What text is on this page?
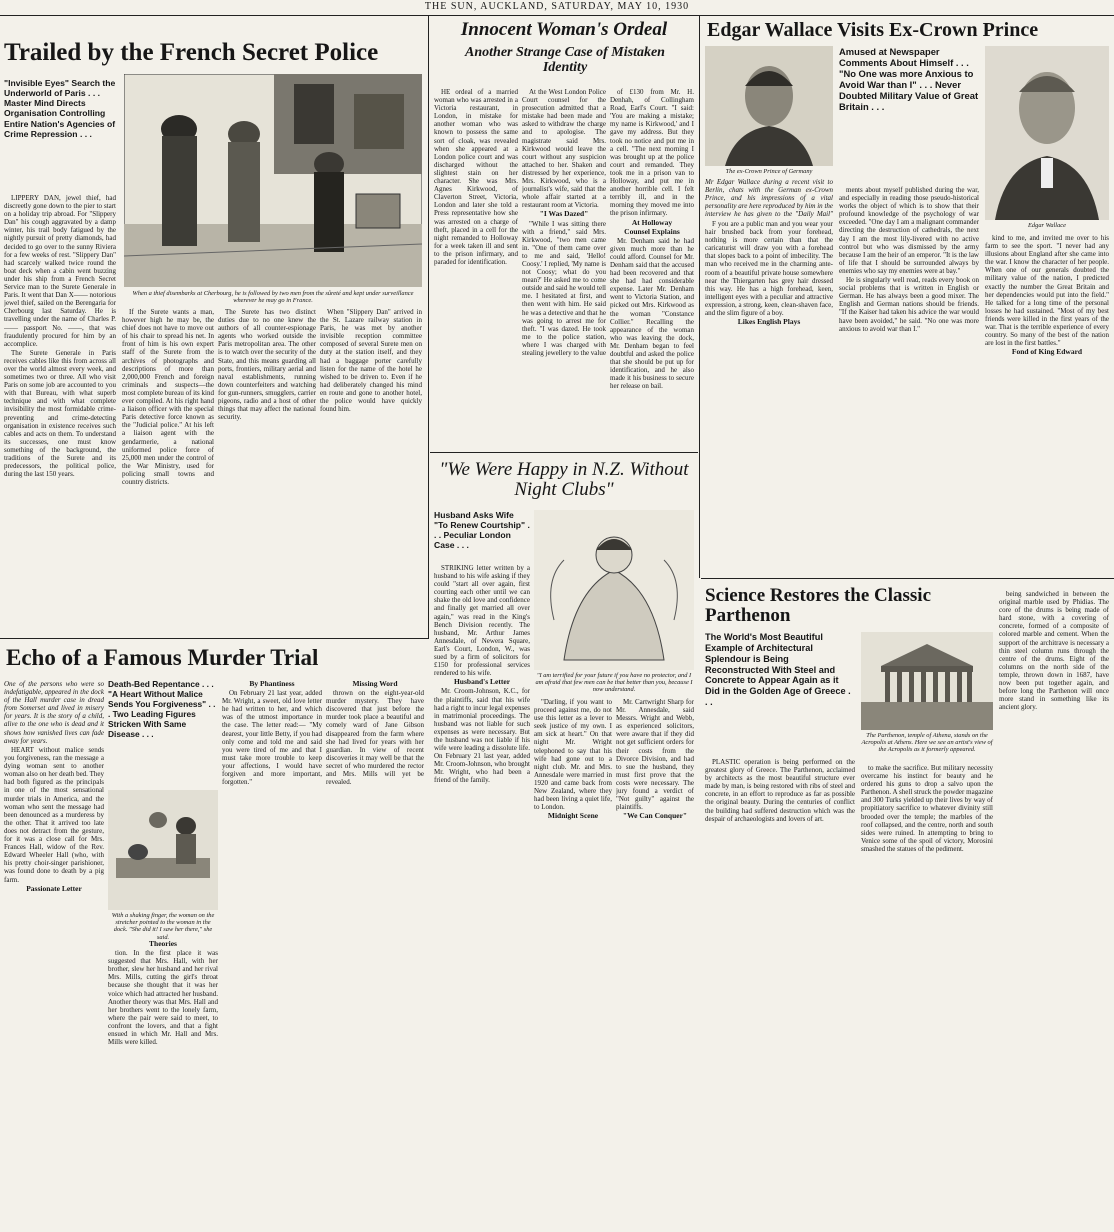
THE SUN, AUCKLAND, SATURDAY, MAY 10, 1930
Trailed by the French Secret Police
"Invisible Eyes" Search the Underworld of Paris . . . Master Mind Directs Organisation Controlling Entire Nation's Agencies of Crime Repression . . .
When a thief disembarks at Cherbourg, he is followed by two men from the sûreté and kept under surveillance wherever he may go in France.

LIPPERY DAN, jewel thief, had discreetly gone down to the pier to start on a holiday trip abroad. For "Slippery Dan" his cough aggravated by a damp winter, his trail body fatigued by the nightly pursuit of pretty diamonds, had decided to go over to the sunny Riviera for a few weeks of rest. "Slippery Dan" had scarcely walked twice round the boat deck when a cabin went buzzing under his ship from a French Secret Service man to the Surete Generale in Paris. It went that Dan X—— notorious jewel thief, sailed on the Berengaria for Cherbourg last Saturday. He is travelling under the name of Charles P. —— passport No. ——, that was fraudulently procured for him by an accomplice.

The Surete Generale in Paris receives cables like this from across all over the world almost every week, and sometimes two or three. All who visit Paris on some job are accounted to you with that Bureau, with what superb technique and with what complete invisibility the most formidable crime-preventing and crime-detecting organisation in existence receives such cables and acts on them. To understand its successes, one must know something of the background, the traditions of the Surete and its predecessors, the political police, during the last 150 years.

If the Surete wants a man, however high he may be, the chief does not have to move out of his chair to spread his net. In front of him is his own expert staff of the Surete from the archives of photographs and descriptions of more than 2,000,000 French and foreign criminals and suspects—the most complete bureau of its kind ever compiled. At his right hand a liaison officer with the special Paris detective force known as the "Judicial police." At his left a liaison agent with the gendarmerie, a national uniformed police force of 25,000 men under the control of the War Ministry, used for policing small towns and country districts.

The Surete has two distinct duties due to no one knew the authors of all counter-espionage agents who worked outside the Paris metropolitan area. The other is to watch over the security of the State, and this means guarding all ports, frontiers, military aerial and naval establishments, running down counterfeiters and watching for gun-runners, smugglers, carrier pigeons, radio and a host of other things that may affect the national security.

When "Slippery Dan" arrived in the St. Lazare railway station in Paris, he was met by another invisible reception committee composed of several Surete men on duty at the station itself, and they had a baggage porter carefully listen for the name of the hotel he wished to be driven to. Even if he had deliberately changed his mind en route and gone to another hotel, the police would have quickly found him.

Innocent Woman's Ordeal
Another Strange Case of Mistaken Identity

HE ordeal of a married woman who was arrested in a Victoria restaurant, in London, in mistake for another woman who was known to possess the same sort of cloak, was revealed when she appeared at a London police court and was discharged without the slightest stain on her character. She was Mrs. Agnes Kirkwood, of Claverton Street, Victoria, London and later she told a Press representative how she was arrested on a charge of theft, placed in a cell for the night remanded to Holloway for a week taken ill and sent to the prison infirmary, and paraded for identification.

At the West London Police Court counsel for the prosecution admitted that a mistake had been made and asked to withdraw the charge and to apologise. The magistrate said Mrs. Kirkwood would leave the court without any suspicion attached to her. Shaken and distressed by her experience, Mrs. Kirkwood, who is a journalist's wife, said that the whole affair started at a restaurant room at Victoria.

"I Was Dazed"

"While I was sitting there with a friend," said Mrs. Kirkwood, "two men came in. "One of them came over to me and said, 'Hello! Coosy.' I replied, 'My name is not Coosy; what do you mean?' He asked me to come outside and said he would tell me. I hesitated at first, and then went with him. He said he was a detective and that he was going to arrest me for theft. "I was dazed. He took me to the police station, where I was charged with stealing jewellery to the value

of £130 from Mr. H. Denhah, of Collingham Road, Earl's Court. "I said: 'You are making a mistake; my name is Kirkwood,' and I gave my address. But they took no notice and put me in a cell. "The next morning I was brought up at the police court and remanded. They took me in a prison van to Holloway, and put me in another horrible cell. I felt terribly ill, and in the morning they moved me into the prison infirmary.

At Holloway

Counsel Explains

Mr. Denham said he had given much more than he could afford. Counsel for Mr. Denham said that the accused had been recovered and that she had had considerable expense. Later Mr. Denham went to Victoria Station, and picked out Mrs. Kirkwood as the woman "Constance Collier." Recalling the appearance of the woman who was leaving the dock, Mr. Denham began to feel doubtful and asked the police that she should be put up for identification, and he also made it his business to secure her release on bail.

"We Were Happy in N.Z. Without Night Clubs"
Husband Asks Wife "To Renew Courtship" . . . Peculiar London Case . . .
"I am terrified for your future if you have no protector, and I am afraid that few men can be that better than you, because I now understand.

STRIKING letter written by a husband to his wife asking if they could "start all over again, first courting each other until we can shake the old love and confidence and finally get married all over again," was read in the King's Bench Division recently. The husband, Mr. Arthur James Annesdale, of Newera Square, Earl's Court, London, W., was sued by a firm of solicitors for £150 for professional services rendered to his wife.

Husband's Letter

Mr. Croom-Johnson, K.C., for the plaintiffs, said that his wife had a right to incur legal expenses in matrimonial proceedings. The husband was not liable for such expenses as were necessary. But the husband was not liable if his wife were leading a dissolute life. On February 21 last year, added Mr. Croom-Johnson, who brought Mr. Wright, who had been a friend of the family.

"Darling, if you want to proceed against me, do not use this letter as a lever to seek justice of my own. I am sick at heart." On that night Mr. Wright telephoned to say that his wife had gone out to a night club. Mr. and Mrs. Annesdale were married in 1920 and came back from New Zealand, where they had been living a quiet life, to London.

Midnight Scene

Mr. Cartwright Sharp for Mr. Annesdale, said Messrs. Wright and Webb, as experienced solicitors, were aware that if they did not get sufficient orders for their costs from the Divorce Division, and had to sue the husband, they must first prove that the costs were necessary. The jury found a verdict of "Not guilty" against the plaintiffs.

"We Can Conquer"

Edgar Wallace Visits Ex-Crown Prince
The ex-Crown Prince of Germany
Amused at Newspaper Comments About Himself . . . "No One was more Anxious to Avoid War than I" . . . Never Doubted Military Value of Great Britain . . .
Edgar Wallace
Mr Edgar Wallace during a recent visit to Berlin, chats with the German ex-Crown Prince, and his impressions of a vital personality are here reproduced by him in the interview he has given to the "Daily Mail"

F you are a public man and you wear your hair brushed back from your forehead, nothing is more certain than that the caricaturist will draw you with a forehead that slopes back to a point of imbecility. The man who received me in the charming ante-room of a beautiful private house somewhere near the Thiergarten has grey hair dressed this way. He has a high forehead, keen, intelligent eyes with a peculiar and attractive expression, a strong, keen, clean-shaven face, and the slim figure of a boy.

Likes English Plays

ments about myself published during the war, and especially in reading those pseudo-historical works the object of which is to show that their profound knowledge of the psychology of war exceeded. "One day I am a malignant commander directing the destruction of cathedrals, the next day I am the most lily-livered with no active control but who was dismissed by the army because I am the heir of an emperor. "It is the law of life that I should be surrounded always by enemies who say my enemies were at bay."

He is singularly well read, reads every book on social problems that is written in English or German. He has always been a good mixer. The English and German nations should be friends. "If the Kaiser had taken his advice the war would have been avoided," he said. "No one was more anxious to avoid war than I."

kind to me, and invited me over to his farm to see the sport. "I never had any illusions about England after she came into the war. I know the character of her people. When one of our generals doubted the military value of the nation, I predicted exactly the number the Great Britain and her dependencies would put into the field." He talked for a long time of the personal losses he had sustained. "Most of my best friends were killed in the first years of the war. That is the terrible experience of every country. So many of the best of the nation are lost in the first battles."

Fond of King Edward

Science Restores the Classic Parthenon
The World's Most Beautiful Example of Architectural Splendour is Being Reconstructed With Steel and Concrete to Appear Again as it Did in the Golden Age of Greece . . .
The Parthenon, temple of Athena, stands on the Acropolis at Athens. Here we see an artist's view of the Acropolis as it formerly appeared.

PLASTIC operation is being performed on the greatest glory of Greece. The Parthenon, acclaimed by architects as the most beautiful structure ever made by man, is being restored with ribs of steel and concrete, in an effort to reproduce as far as possible the original beauty. During the centuries of conflict the building had suffered destruction which was the despair of archaeologists and lovers of art.

to make the sacrifice. But military necessity overcame his instinct for beauty and he ordered his guns to drop a salvo upon the Parthenon. A shell struck the powder magazine and 300 Turks yielded up their lives by way of propitiatory sacrifice to whatever divinity still brooded over the temple; the marbles of the roof collapsed, and the centre, north and south sides were ruined. In attempting to bring to Venice some of the spoil of victory, Morosini smashed the statues of the pediment.

being sandwiched in between the original marble used by Phidias. The core of the drums is being made of hard stone, with a covering of concrete, formed of a composite of colored marble and cement. When the support of the architrave is necessary a thin steel column runs through the centre of the drums. Eight of the columns on the north side of the temple, thrown down in 1687, have now been put together again, and before long the Parthenon will once more stand in something like its ancient glory.

Echo of a Famous Murder Trial
One of the persons who were so indefatigable, appeared in the dock of the Hall murder case in dread from Somerset and lived in misery for years. It is the story of a child, alive to the one who is dead and it shows how vanished lives can fade away for years.
Death-Bed Repentance . . . "A Heart Without Malice Sends You Forgiveness" . . . Two Leading Figures Stricken With Same Disease . . .
With a shaking finger, the woman on the stretcher pointed to the woman in the dock. "She did it! I saw her there," she said.

HEART without malice sends you forgiveness, ran the message a dying woman sent to another woman also on her death bed. They had both figured as the principals in one of the most sensational murder trials in America, and the woman who sent the message had been denounced as a murderess by the other. That it arrived too late does not detract from the gesture, for it was a close call for Mrs. Frances Hall, widow of the Rev. Edward Wheeler Hall (who, with his pretty choir-singer parishioner, was found done to death by a pig farm.

Passionate Letter

Theories

tion. In the first place it was suggested that Mrs. Hall, with her brother, slew her husband and her rival Mrs. Mills, cutting the girl's throat because she thought that it was her voice which had attracted her husband. Another theory was that Mrs. Hall and her brothers went to the lonely farm, where the pair were said to meet, to confront the lovers, and that a fight ensued in which Mr. Hall and Mrs. Mills were killed.

By Phantiness

On February 21 last year, added Mr. Wright, a sweet, old love letter he had written to her, and which was of the utmost importance in the case. The letter read:— "My dearest, your little Betty, if you had only come and told me and said you were tired of me and that I must take more trouble to keep your affections, I would have forgiven and more important, forgotten."

Missing Word

thrown on the eight-year-old murder mystery. They have discovered that just before the murder took place a beautiful and comely ward of Jane Gibson disappeared from the farm where she had lived for years with her guardian. In view of recent discoveries it may well be that the secret of who murdered the rector and Mrs. Mills will yet be revealed.
